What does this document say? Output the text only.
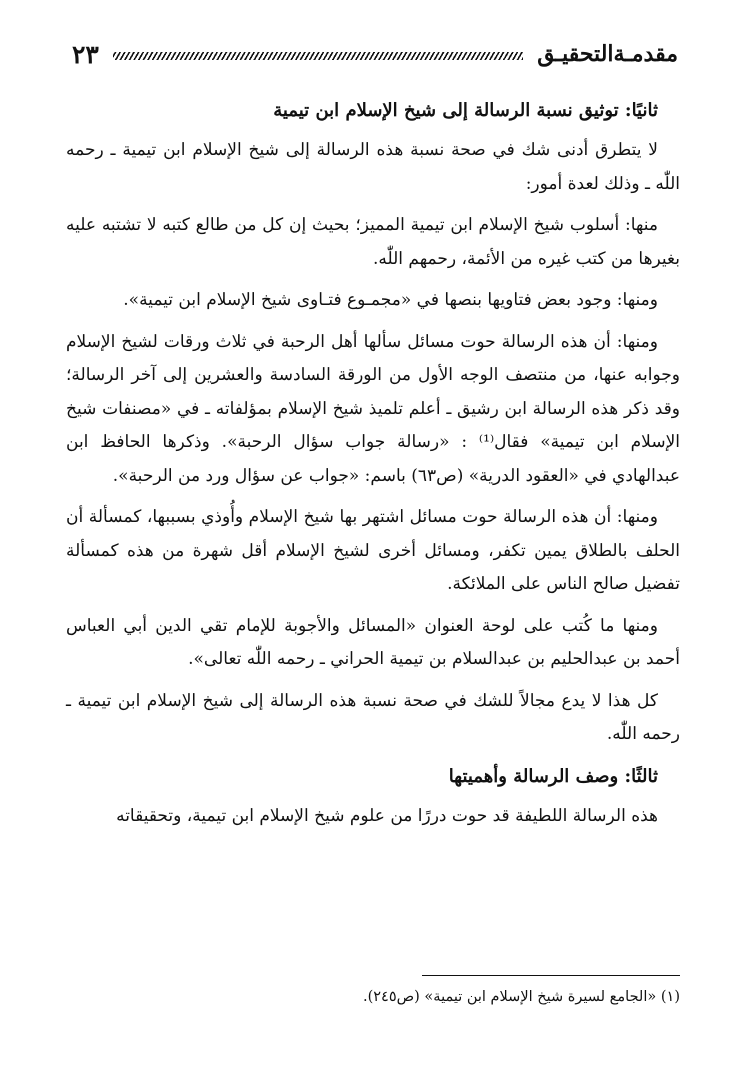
مقدمـةالتحقيـق
٢٣
ثانيًا: توثيق نسبة الرسالة إلى شيخ الإسلام ابن تيمية

لا يتطرق أدنى شك في صحة نسبة هذه الرسالة إلى شيخ الإسلام ابن تيمية ـ رحمه اللّٰه ـ وذلك لعدة أمور:

منها: أسلوب شيخ الإسلام ابن تيمية المميز؛ بحيث إن كل من طالع كتبه لا تشتبه عليه بغيرها من كتب غيره من الأئمة، رحمهم اللّٰه.

ومنها: وجود بعض فتاويها بنصها في «مجمـوع فتـاوى شيخ الإسلام ابن تيمية».

ومنها: أن هذه الرسالة حوت مسائل سألها أهل الرحبة في ثلاث ورقات لشيخ الإسلام وجوابه عنها، من منتصف الوجه الأول من الورقة السادسة والعشرين إلى آخر الرسالة؛ وقد ذكر هذه الرسالة ابن رشيق ـ أعلم تلميذ شيخ الإسلام بمؤلفاته ـ في «مصنفات شيخ الإسلام ابن تيمية» فقال⁽¹⁾ : «رسالة جواب سؤال الرحبة». وذكرها الحافظ ابن عبدالهادي في «العقود الدرية» (ص٦٣) باسم: «جواب عن سؤال ورد من الرحبة».

ومنها: أن هذه الرسالة حوت مسائل اشتهر بها شيخ الإسلام وأُوذي بسببها، كمسألة أن الحلف بالطلاق يمين تكفر، ومسائل أخرى لشيخ الإسلام أقل شهرة من هذه كمسألة تفضيل صالح الناس على الملائكة.

ومنها ما كُتب على لوحة العنوان «المسائل والأجوبة للإمام تقي الدين أبي العباس أحمد بن عبدالحليم بن عبدالسلام بن تيمية الحراني ـ رحمه اللّٰه تعالى».

كل هذا لا يدع مجالاً للشك في صحة نسبة هذه الرسالة إلى شيخ الإسلام ابن تيمية ـ رحمه اللّٰه.

ثالثًا: وصف الرسالة وأهميتها

هذه الرسالة اللطيفة قد حوت دررًا من علوم شيخ الإسلام ابن تيمية، وتحقيقاته

(١) «الجامع لسيرة شيخ الإسلام ابن تيمية» (ص٢٤٥).
